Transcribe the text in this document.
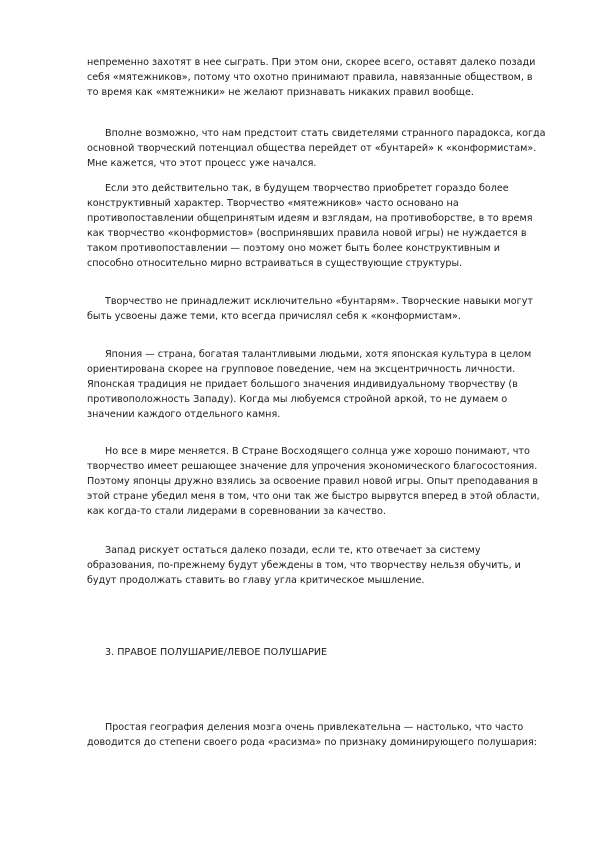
непременно захотят в нее сыграть. При этом они, скорее всего, оставят далеко позади себя «мятежников», потому что охотно принимают правила, навязанные обществом, в то время как «мятежники» не желают признавать никаких правил вообще.

Вполне возможно, что нам предстоит стать свидетелями странного парадокса, когда основной творческий потенциал общества перейдет от «бунтарей» к «конформистам». Мне кажется, что этот процесс уже начался.

Если это действительно так, в будущем творчество приобретет гораздо более конструктивный характер. Творчество «мятежников» часто основано на противопоставлении общепринятым идеям и взглядам, на противоборстве, в то время как творчество «конформистов» (воспринявших правила новой игры) не нуждается в таком противопоставлении — поэтому оно может быть более конструктивным и способно относительно мирно встраиваться в существующие структуры.

Творчество не принадлежит исключительно «бунтарям». Творческие навыки могут быть усвоены даже теми, кто всегда причислял себя к «конформистам».

Япония — страна, богатая талантливыми людьми, хотя японская культура в целом ориентирована скорее на групповое поведение, чем на эксцентричность личности. Японская традиция не придает большого значения индивидуальному творчеству (в противоположность Западу). Когда мы любуемся стройной аркой, то не думаем о значении каждого отдельного камня.

Но все в мире меняется. В Стране Восходящего солнца уже хорошо понимают, что творчество имеет решающее значение для упрочения экономического благосостояния. Поэтому японцы дружно взялись за освоение правил новой игры. Опыт преподавания в этой стране убедил меня в том, что они так же быстро вырвутся вперед в этой области, как когда-то стали лидерами в соревновании за качество.

Запад рискует остаться далеко позади, если те, кто отвечает за систему образования, по-прежнему будут убеждены в том, что творчеству нельзя обучить, и будут продолжать ставить во главу угла критическое мышление.

3. ПРАВОЕ ПОЛУШАРИЕ/ЛЕВОЕ ПОЛУШАРИЕ

Простая география деления мозга очень привлекательна — настолько, что часто доводится до степени своего рода «расизма» по признаку доминирующего полушария:
